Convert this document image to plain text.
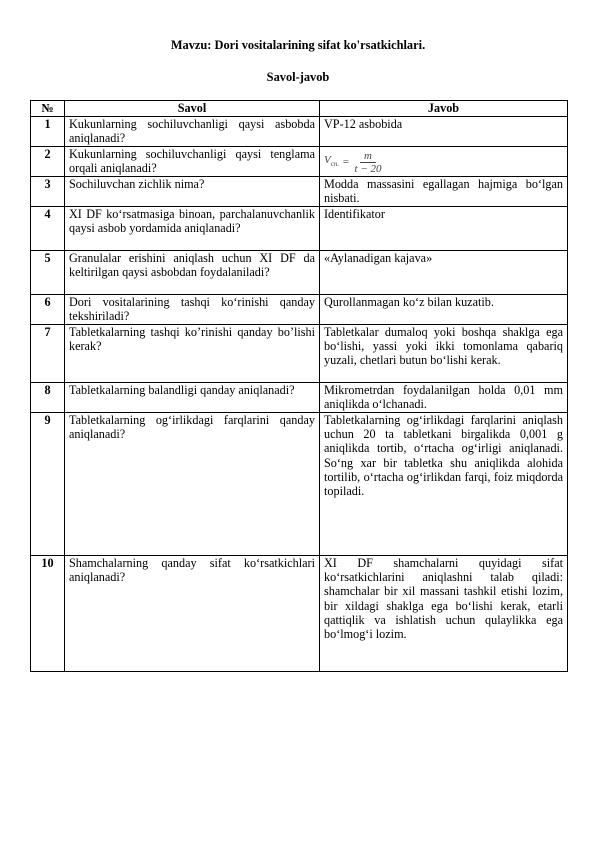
Mavzu: Dori vositalarining sifat ko'rsatkichlari.
Savol-javob
№	Savol	Javob
1	Kukunlarning sochiluvchanligi qaysi asbobda aniqlanadi?	VP-12 asbobida
2	Kukunlarning sochiluvchanligi qaysi tenglama orqali aniqlanadi?	$V_{сп.} = \frac{m}{t - 20}$

3	Sochiluvchan zichlik nima?	Modda massasini egallagan hajmiga bo‘lgan nisbati.
4	XI DF ko‘rsatmasiga binoan, parchalanuvchanlik qaysi asbob yordamida aniqlanadi?	Identifikator
5	Granulalar erishini aniqlash uchun XI DF da keltirilgan qaysi asbobdan foydalaniladi?	«Aylanadigan kajava»
6	Dori vositalarining tashqi ko‘rinishi qanday tekshiriladi?	Qurollanmagan ko‘z bilan kuzatib.
7	Tabletkalarning tashqi ko’rinishi qanday bo’lishi kerak?	Tabletkalar dumaloq yoki boshqa shaklga ega bo‘lishi, yassi yoki ikki tomonlama qabariq yuzali, chetlari butun bo‘lishi kerak.
8	Tabletkalarning balandligi qanday aniqlanadi?	Mikrometrdan foydalanilgan holda 0,01 mm aniqlikda o‘lchanadi.
9	Tabletkalarning og‘irlikdagi farqlarini qanday aniqlanadi?	Tabletkalarning og‘irlikdagi farqlarini aniqlash uchun 20 ta tabletkani birgalikda 0,001 g aniqlikda tortib, o‘rtacha og‘irligi aniqlanadi. So‘ng xar bir tabletka shu aniqlikda alohida tortilib, o‘rtacha og‘irlikdan farqi, foiz miqdorda topiladi.
10	Shamchalarning qanday sifat ko‘rsatkichlari aniqlanadi?	XI DF shamchalarni quyidagi sifat ko‘rsatkichlarini aniqlashni talab qiladi: shamchalar bir xil massani tashkil etishi lozim, bir xildagi shaklga ega bo‘lishi kerak, etarli qattiqlik va ishlatish uchun qulaylikka ega bo‘lmog‘i lozim.
